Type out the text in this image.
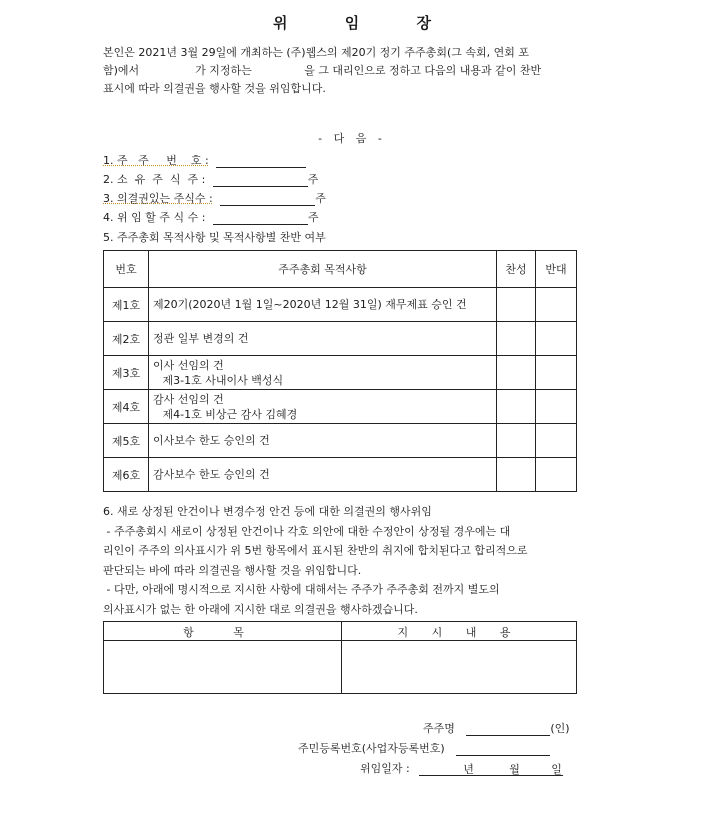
위 임 장
본인은 2021년 3월 29일에 개최하는 (주)웹스의 제20기 정기 주주총회(그 속회, 연회 포
함)에서                가 지정하는               을 그 대리인으로 정하고 다음의 내용과 같이 찬반
표시에 따라 의결권을 행사할 것을 위임합니다.
- 다 음 -
1. 주   주     번    호 :
2. 소  유  주  식  주 :	주
3. 의결권있는 주식수 :	주
4. 위 임 할 주 식 수 :	주
5. 주주총회 목적사항 및 목적사항별 찬반 여부
번호	주주총회 목적사항	찬성	반대
제1호	제20기(2020년 1월 1일~2020년 12월 31일) 재무제표 승인 건		
제2호	정관 일부 변경의 건		
제3호	이사 선임의 건
제3-1호 사내이사 백성식		

제4호	감사 선임의 건
제4-1호 비상근 감사 김혜경		

제5호	이사보수 한도 승인의 건		
제6호	감사보수 한도 승인의 건		
6. 새로 상정된 안건이나 변경수정 안건 등에 대한 의결권의 행사위임
- 주주총회시 새로이 상정된 안건이나 각호 의안에 대한 수정안이 상정될 경우에는 대
리인이 주주의 의사표시가 위 5번 항목에서 표시된 찬반의 취지에 합치된다고 합리적으로
판단되는 바에 따라 의결권을 행사할 것을 위임합니다.
- 다만, 아래에 명시적으로 지시한 사항에 대해서는 주주가 주주총회 전까지 별도의
의사표시가 없는 한 아래에 지시한 대로 의결권을 행사하겠습니다.
항 목	지 시 내 용
주주명	(인)
주민등록번호(사업자등록번호)
위임일자 :	년	월	일
